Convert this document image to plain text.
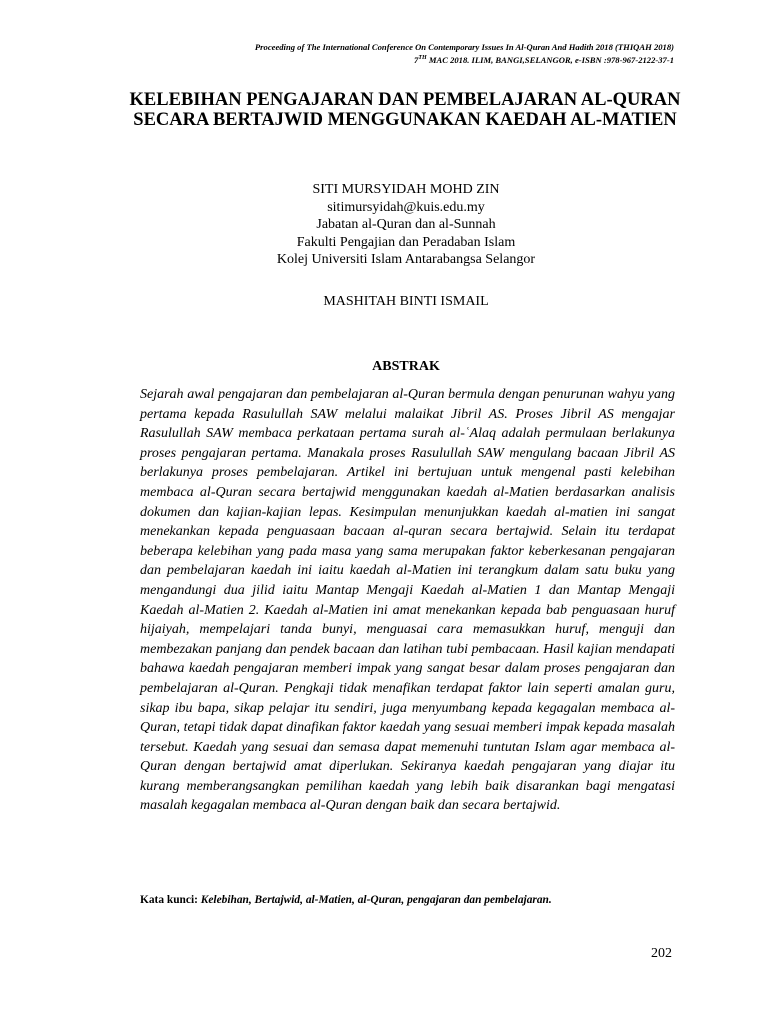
Proceeding of The International Conference On Contemporary Issues In Al-Quran And Hadith 2018 (THIQAH 2018)
7TH MAC 2018. ILIM, BANGI,SELANGOR, e-ISBN :978-967-2122-37-1
KELEBIHAN PENGAJARAN DAN PEMBELAJARAN AL-QURAN SECARA BERTAJWID MENGGUNAKAN KAEDAH AL-MATIEN
SITI MURSYIDAH MOHD ZIN
sitimursyidah@kuis.edu.my
Jabatan al-Quran dan al-Sunnah
Fakulti Pengajian dan Peradaban Islam
Kolej Universiti Islam Antarabangsa Selangor
MASHITAH BINTI ISMAIL
ABSTRAK

Sejarah awal pengajaran dan pembelajaran al-Quran bermula dengan penurunan wahyu yang pertama kepada Rasulullah SAW melalui malaikat Jibril AS. Proses Jibril AS mengajar Rasulullah SAW membaca perkataan pertama surah al-ʿAlaq adalah permulaan berlakunya proses pengajaran pertama. Manakala proses Rasulullah SAW mengulang bacaan Jibril AS berlakunya proses pembelajaran. Artikel ini bertujuan untuk mengenal pasti kelebihan membaca al-Quran secara bertajwid menggunakan kaedah al-Matien berdasarkan analisis dokumen dan kajian-kajian lepas. Kesimpulan menunjukkan kaedah al-matien ini sangat menekankan kepada penguasaan bacaan al-quran secara bertajwid. Selain itu terdapat beberapa kelebihan yang pada masa yang sama merupakan faktor keberkesanan pengajaran dan pembelajaran kaedah ini iaitu kaedah al-Matien ini terangkum dalam satu buku yang mengandungi dua jilid iaitu Mantap Mengaji Kaedah al-Matien 1 dan Mantap Mengaji Kaedah al-Matien 2. Kaedah al-Matien ini amat menekankan kepada bab penguasaan huruf hijaiyah, mempelajari tanda bunyi, menguasai cara memasukkan huruf, menguji dan membezakan panjang dan pendek bacaan dan latihan tubi pembacaan. Hasil kajian mendapati bahawa kaedah pengajaran memberi impak yang sangat besar dalam proses pengajaran dan pembelajaran al-Quran. Pengkaji tidak menafikan terdapat faktor lain seperti amalan guru, sikap ibu bapa, sikap pelajar itu sendiri, juga menyumbang kepada kegagalan membaca al-Quran, tetapi tidak dapat dinafikan faktor kaedah yang sesuai memberi impak kepada masalah tersebut. Kaedah yang sesuai dan semasa dapat memenuhi tuntutan Islam agar membaca al-Quran dengan bertajwid amat diperlukan. Sekiranya kaedah pengajaran yang diajar itu kurang memberangsangkan pemilihan kaedah yang lebih baik disarankan bagi mengatasi masalah kegagalan membaca al-Quran dengan baik dan secara bertajwid.

Kata kunci: Kelebihan, Bertajwid, al-Matien, al-Quran, pengajaran dan pembelajaran.
202
